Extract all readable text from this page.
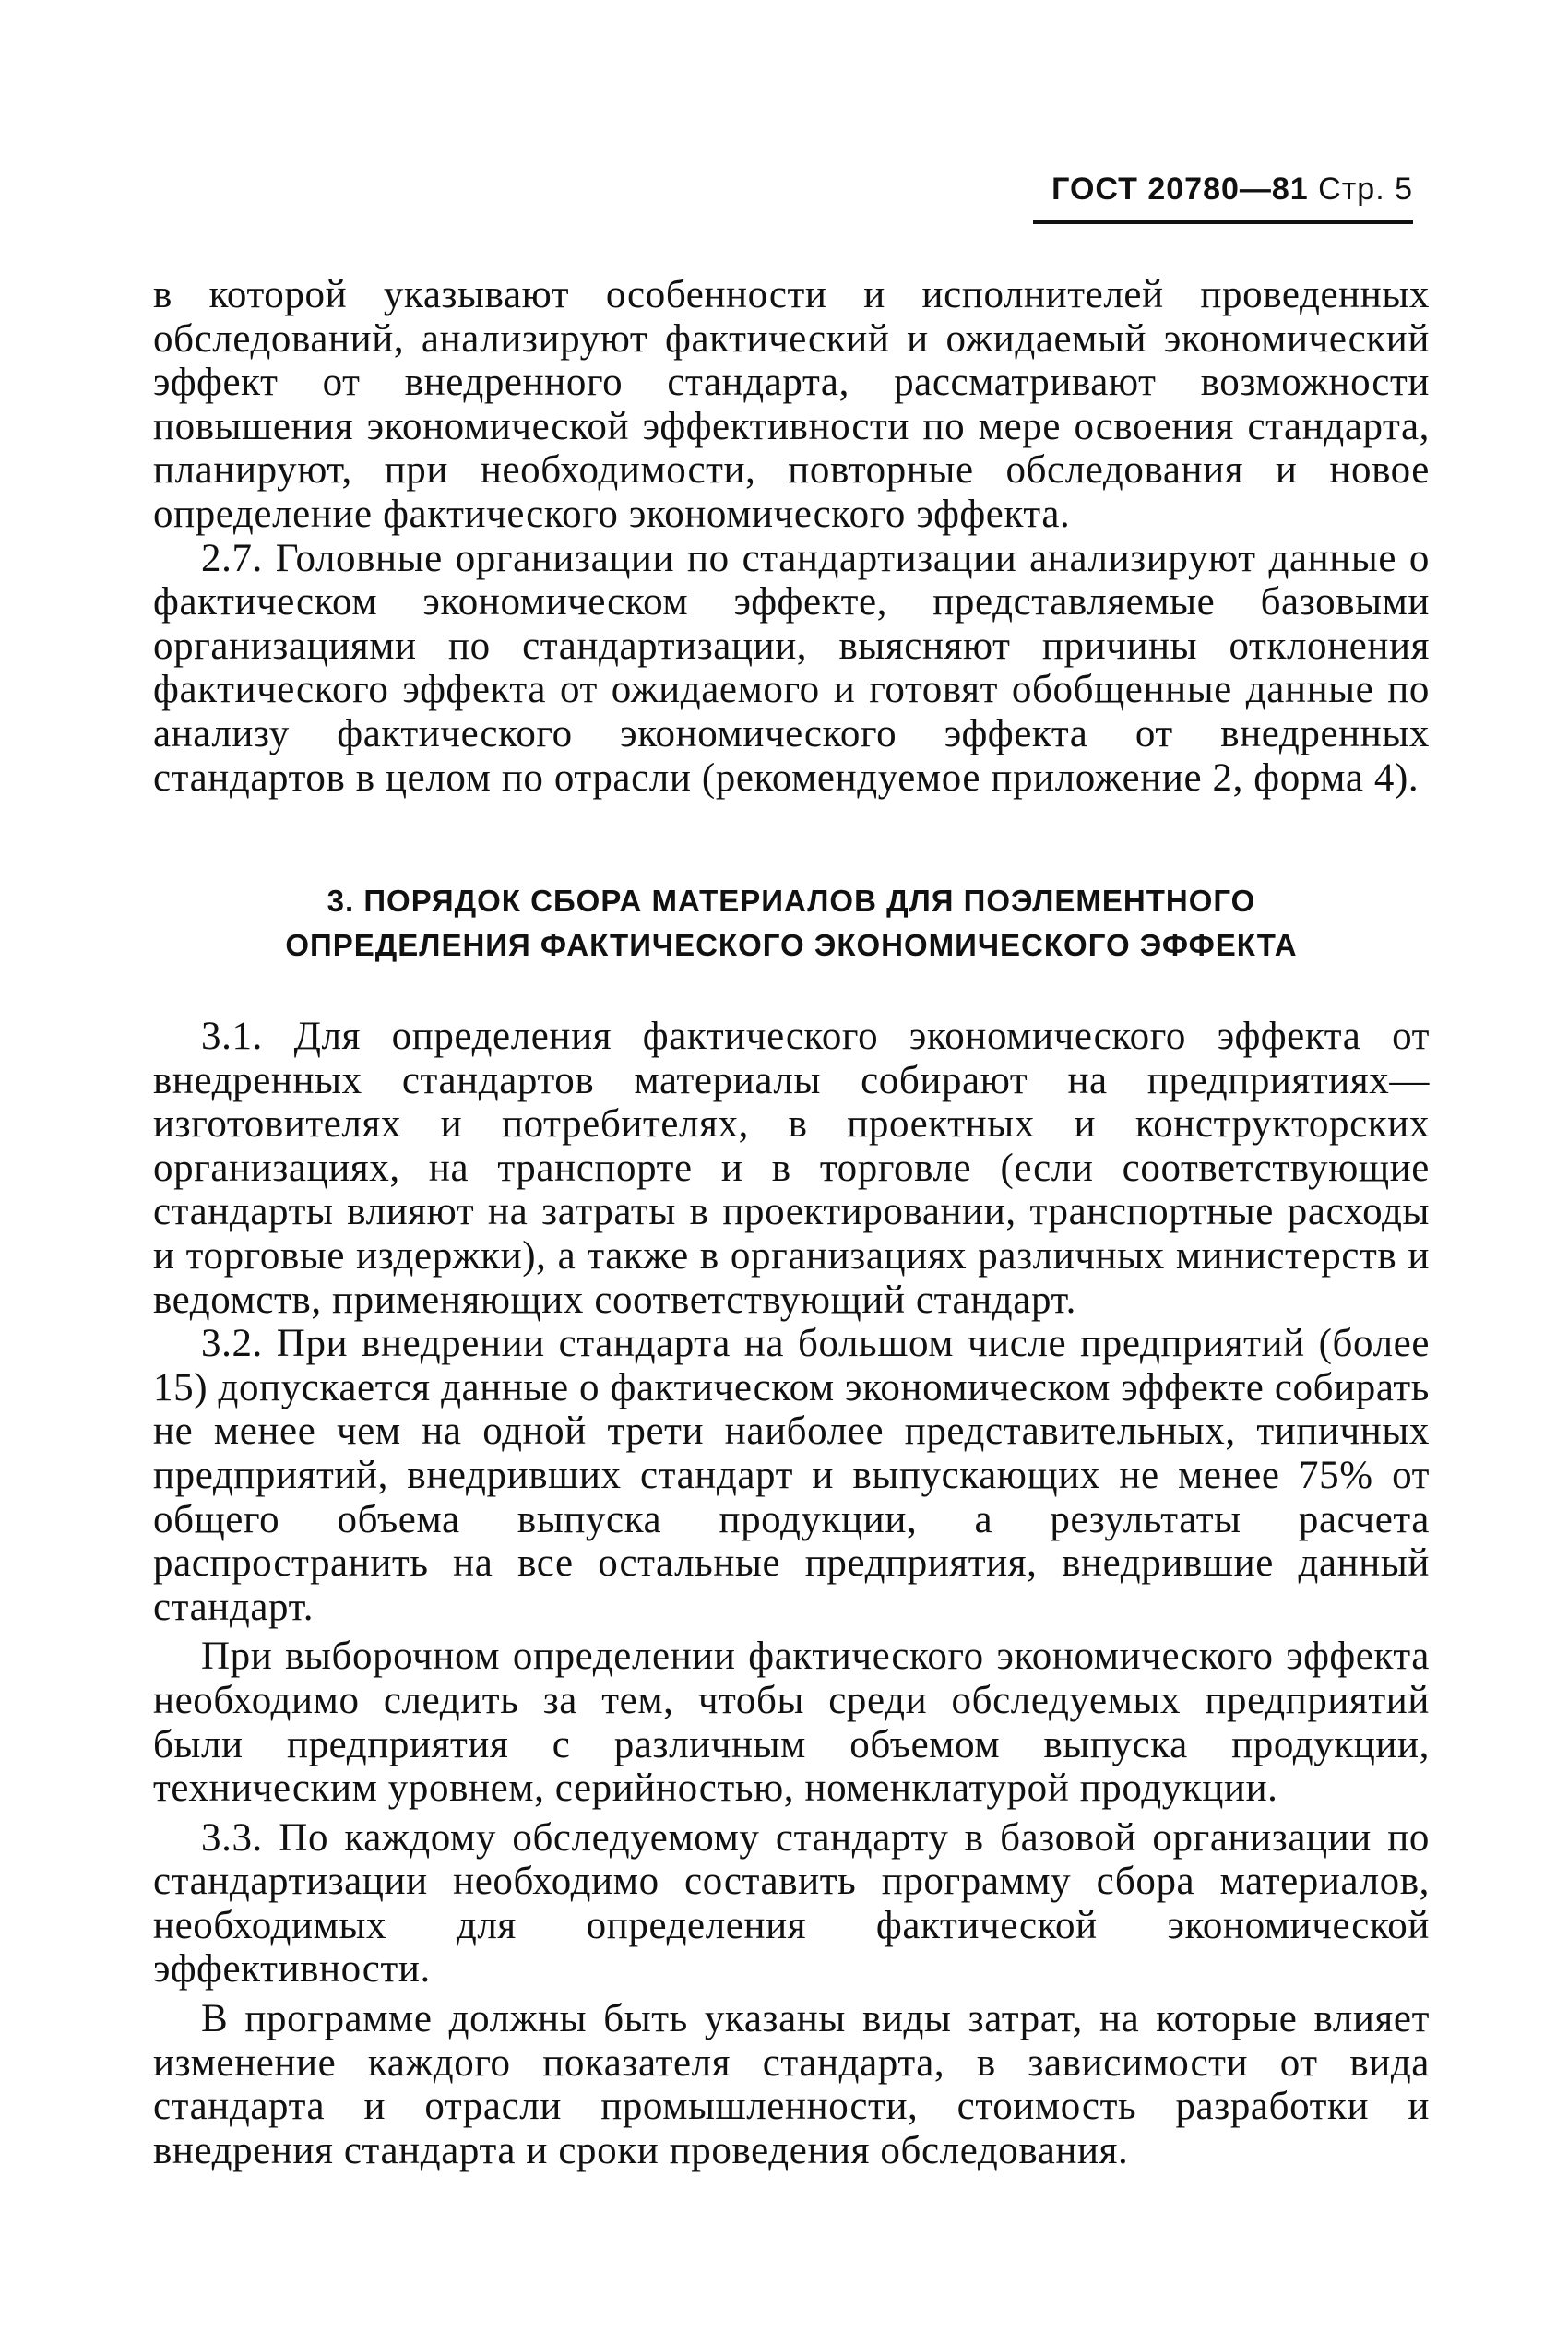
ГОСТ 20780—81 Стр. 5

в которой указывают особенности и исполнителей проведенных обследований, анализируют фактический и ожидаемый экономический эффект от внедренного стандарта, рассматривают возможности повышения экономической эффективности по мере освоения стандарта, планируют, при необходимости, повторные обследования и новое определение фактического экономического эффекта.

2.7. Головные организации по стандартизации анализируют данные о фактическом экономическом эффекте, представляемые базовыми организациями по стандартизации, выясняют причины отклонения фактического эффекта от ожидаемого и готовят обобщенные данные по анализу фактического экономического эффекта от внедренных стандартов в целом по отрасли (рекомендуемое приложение 2, форма 4).

3. ПОРЯДОК СБОРА МАТЕРИАЛОВ ДЛЯ ПОЭЛЕМЕНТНОГО
ОПРЕДЕЛЕНИЯ ФАКТИЧЕСКОГО ЭКОНОМИЧЕСКОГО ЭФФЕКТА

3.1. Для определения фактического экономического эффекта от внедренных стандартов материалы собирают на предприятиях—изготовителях и потребителях, в проектных и конструкторских организациях, на транспорте и в торговле (если соответствующие стандарты влияют на затраты в проектировании, транспортные расходы и торговые издержки), а также в организациях различных министерств и ведомств, применяющих соответствующий стандарт.

3.2. При внедрении стандарта на большом числе предприятий (более 15) допускается данные о фактическом экономическом эффекте собирать не менее чем на одной трети наиболее представительных, типичных предприятий, внедривших стандарт и выпускающих не менее 75% от общего объема выпуска продукции, а результаты расчета распространить на все остальные предприятия, внедрившие данный стандарт.

При выборочном определении фактического экономического эффекта необходимо следить за тем, чтобы среди обследуемых предприятий были предприятия с различным объемом выпуска продукции, техническим уровнем, серийностью, номенклатурой продукции.

3.3. По каждому обследуемому стандарту в базовой организации по стандартизации необходимо составить программу сбора материалов, необходимых для определения фактической экономической эффективности.

В программе должны быть указаны виды затрат, на которые влияет изменение каждого показателя стандарта, в зависимости от вида стандарта и отрасли промышленности, стоимость разработки и внедрения стандарта и сроки проведения обследования.
